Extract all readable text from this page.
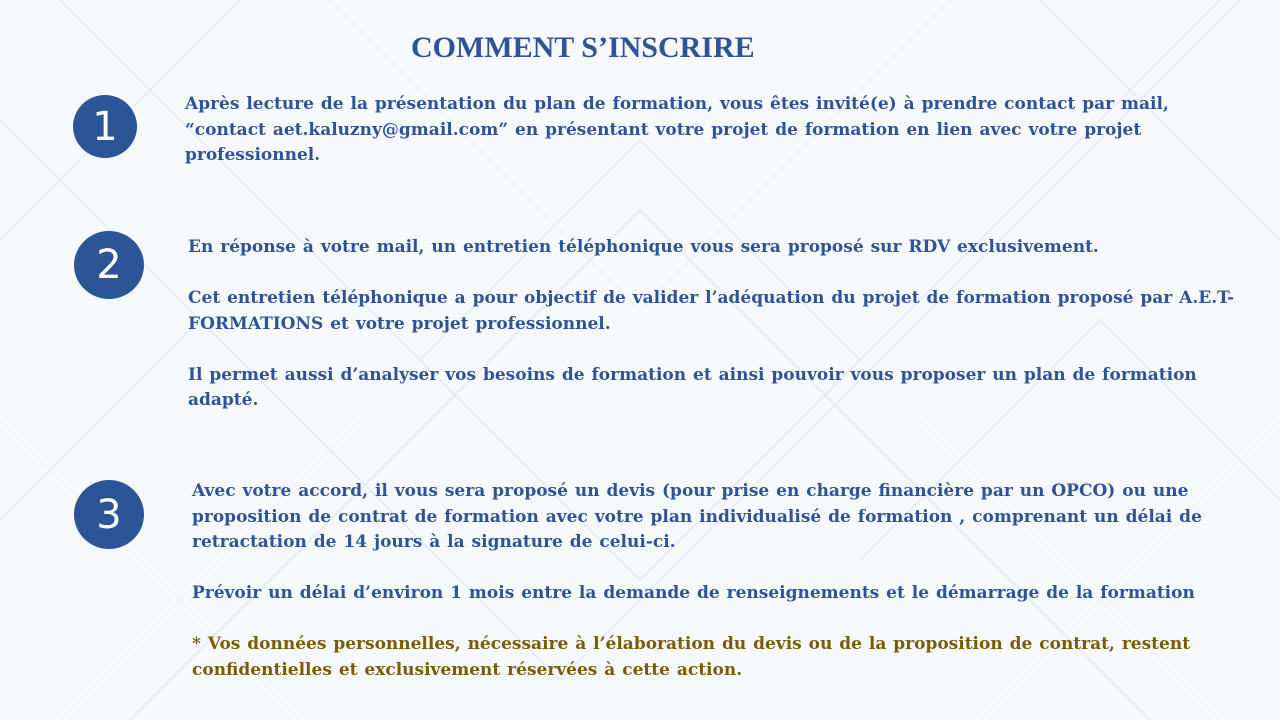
COMMENT S’INSCRIRE
1	Après lecture de la présentation du plan de formation, vous êtes invité(e) à prendre contact par mail, “contact aet.kaluzny@gmail.com” en présentant votre projet de formation en lien avec votre projet professionnel.

2	En réponse à votre mail, un entretien téléphonique vous sera proposé sur RDV exclusivement.

Cet entretien téléphonique a pour objectif de valider l’adéquation du projet de formation proposé par A.E.T-FORMATIONS et votre projet professionnel.

Il permet aussi d’analyser vos besoins de formation et ainsi pouvoir vous proposer un plan de formation adapté.

3

Avec votre accord, il vous sera proposé un devis (pour prise en charge financière par un OPCO) ou une proposition de contrat de formation avec votre plan individualisé de formation , comprenant un délai de retractation de 14 jours à la signature de celui-ci.

Prévoir un délai d’environ 1 mois entre la demande de renseignements et le démarrage de la formation

* Vos données personnelles, nécessaire à l’élaboration du devis ou de la proposition de contrat, restent confidentielles et exclusivement réservées à cette action.
